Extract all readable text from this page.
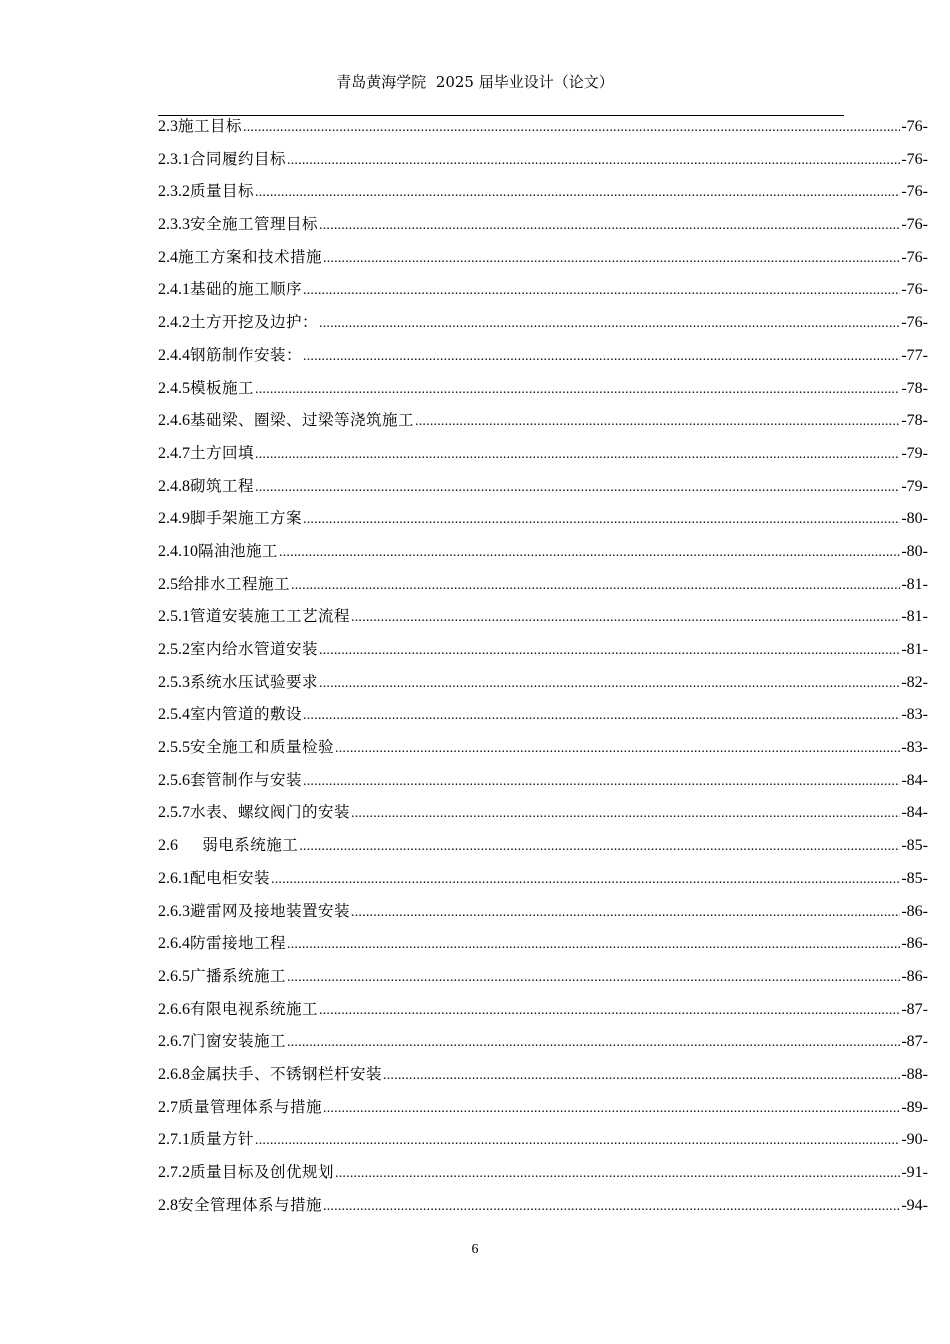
青岛黄海学院  2025 届毕业设计（论文）
2.3 施工目标 .....	-76-
2.3.1 合同履约目标 .....	-76-
2.3.2 质量目标 .....	-76-
2.3.3 安全施工管理目标 .....	-76-
2.4 施工方案和技术措施 .....	-76-
2.4.1 基础的施工顺序 .....	-76-
2.4.2 土方开挖及边护： .....	-76-
2.4.4 钢筋制作安装： .....	-77-
2.4.5 模板施工 .....	-78-
2.4.6 基础梁、圈梁、过梁等浇筑施工 .....	-78-
2.4.7 土方回填 .....	-79-
2.4.8 砌筑工程 .....	-79-
2.4.9 脚手架施工方案 .....	-80-
2.4.10 隔油池施工 .....	-80-
2.5 给排水工程施工 .....	-81-
2.5.1 管道安装施工工艺流程 .....	-81-
2.5.2 室内给水管道安装 .....	-81-
2.5.3 系统水压试验要求 .....	-82-
2.5.4 室内管道的敷设 .....	-83-
2.5.5 安全施工和质量检验 .....	-83-
2.5.6 套管制作与安装 .....	-84-
2.5.7 水表、螺纹阀门的安装 .....	-84-
2.6	弱电系统施工 .....	-85-
2.6.1 配电柜安装 .....	-85-
2.6.3 避雷网及接地装置安装 .....	-86-
2.6.4 防雷接地工程 .....	-86-
2.6.5 广播系统施工 .....	-86-
2.6.6 有限电视系统施工 .....	-87-
2.6.7 门窗安装施工 .....	-87-
2.6.8 金属扶手、不锈钢栏杆安装 .....	-88-
2.7 质量管理体系与措施 .....	-89-
2.7.1 质量方针 .....	-90-
2.7.2 质量目标及创优规划 .....	-91-
2.8 安全管理体系与措施 .....	-94-
6
